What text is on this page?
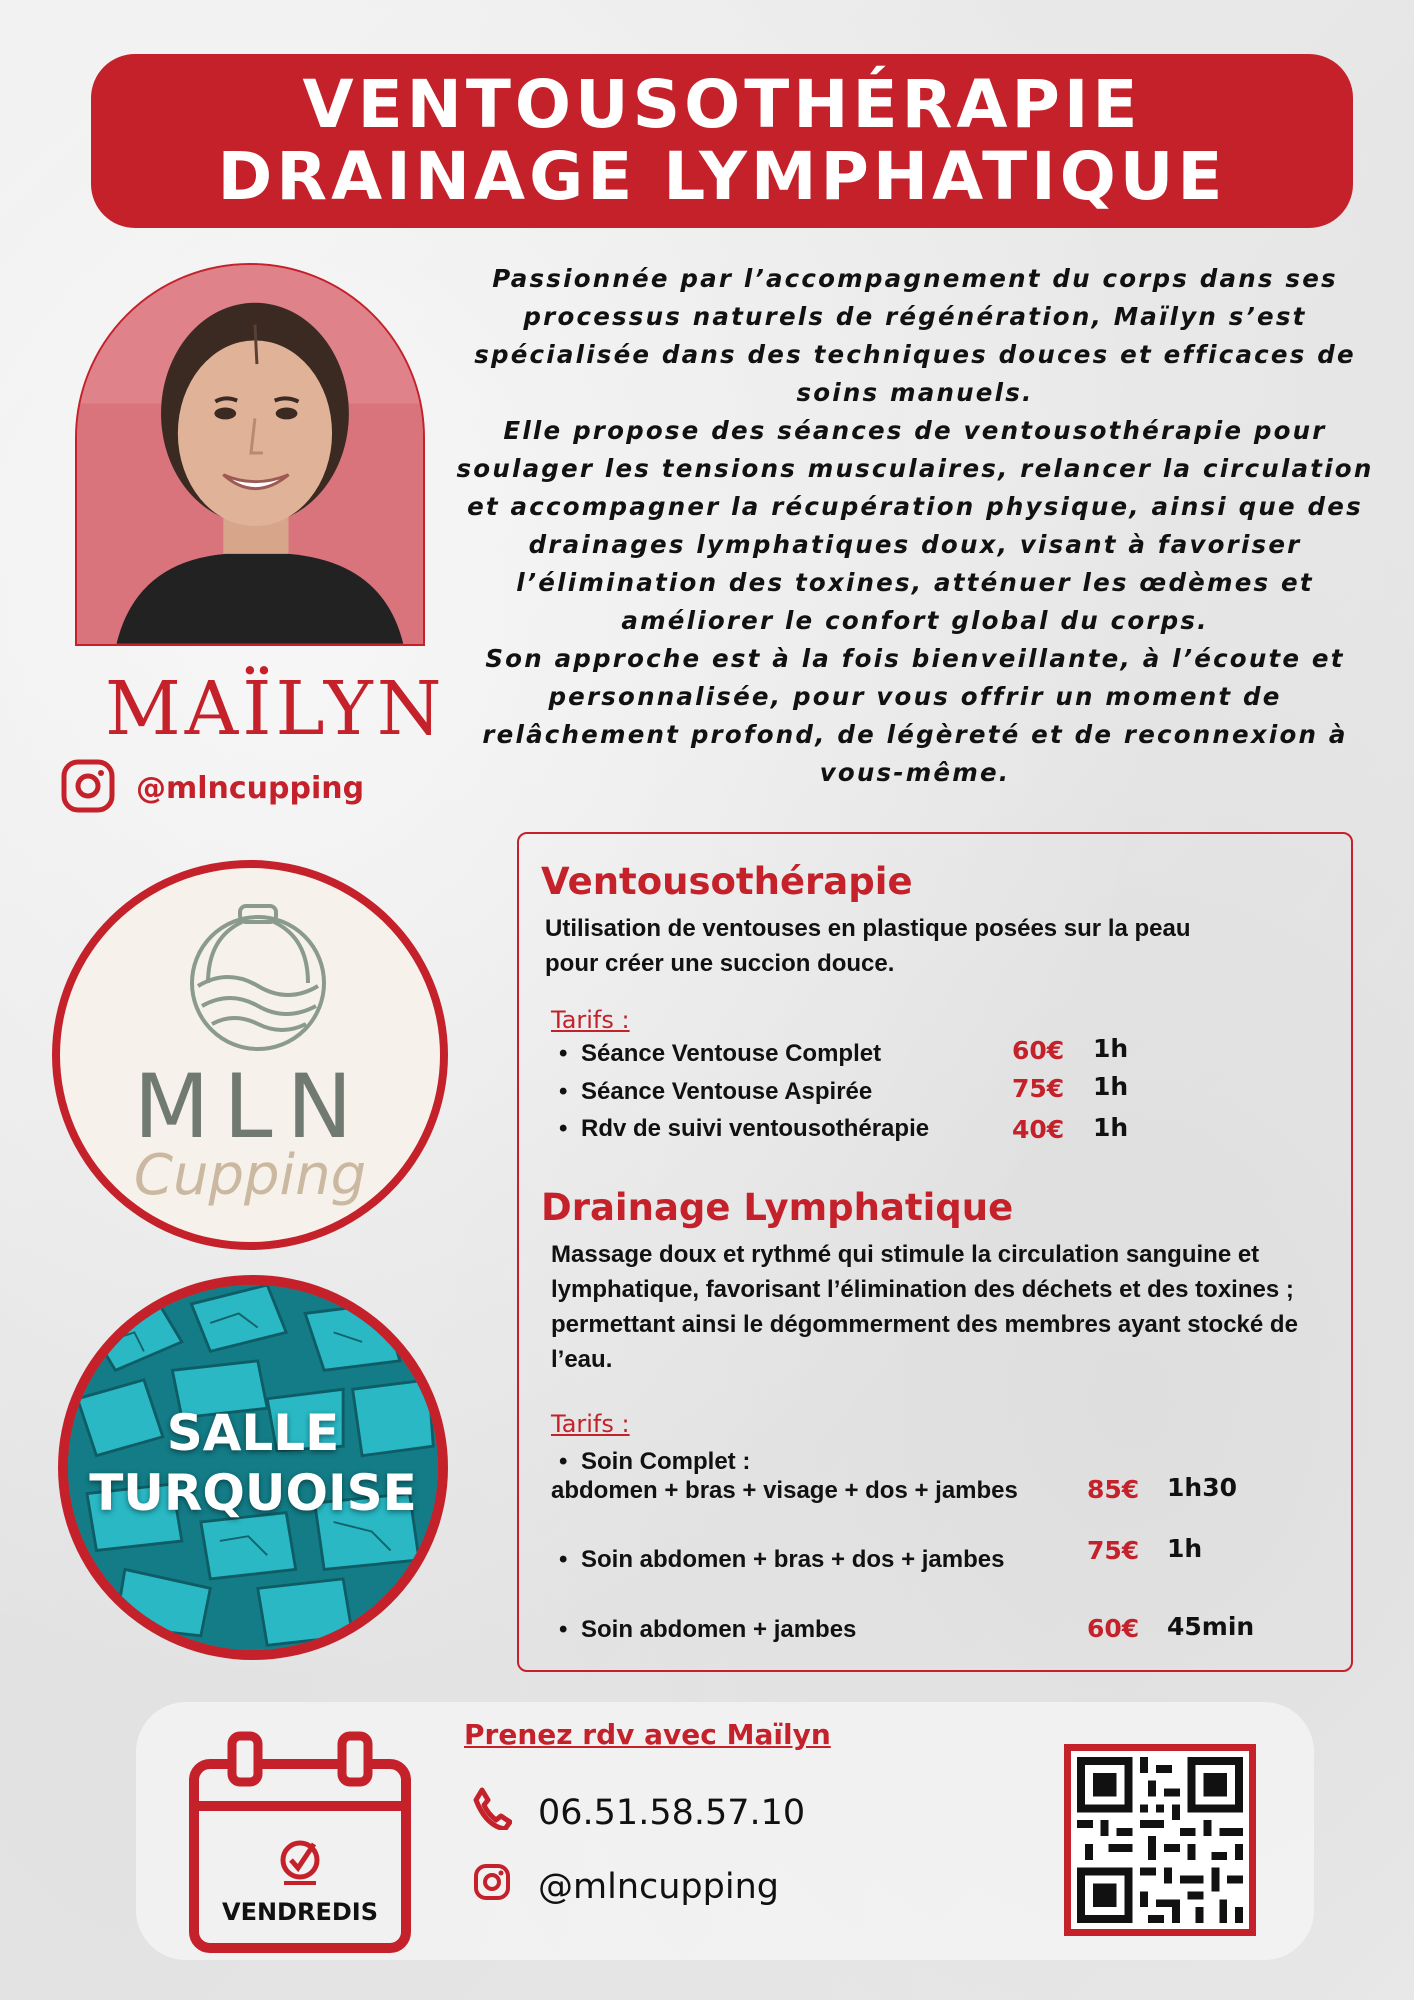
VENTOUSOTHÉRAPIE
DRAINAGE LYMPHATIQUE
MAÏLYN
@mlncupping
Passionnée par l’accompagnement du corps dans ses
processus naturels de régénération, Maïlyn s’est
spécialisée dans des techniques douces et efficaces de
soins manuels.
Elle propose des séances de ventousothérapie pour
soulager les tensions musculaires, relancer la circulation
et accompagner la récupération physique, ainsi que des
drainages lymphatiques doux, visant à favoriser
l’élimination des toxines, atténuer les œdèmes et
améliorer le confort global du corps.
Son approche est à la fois bienveillante, à l’écoute et
personnalisée, pour vous offrir un moment de
relâchement profond, de légèreté et de reconnexion à
vous-même.
MLN
Cupping
SALLE
TURQUOISE
Ventousothérapie
Utilisation de ventouses en plastique posées sur la peau
pour créer une succion douce.
Tarifs :
• Séance Ventouse Complet	60€ 1h
• Séance Ventouse Aspirée	75€ 1h
• Rdv de suivi ventousothérapie	40€ 1h
Drainage Lymphatique
Massage doux et rythmé qui stimule la circulation sanguine et
lymphatique, favorisant l’élimination des déchets et des toxines ;
permettant ainsi le dégommerment des membres ayant stocké de
l’eau.
Tarifs :
• Soin Complet :
abdomen + bras + visage + dos + jambes	85€ 1h30
• Soin abdomen + bras + dos + jambes	75€ 1h
• Soin abdomen + jambes	60€ 45min
VENDREDIS
Prenez rdv avec Maïlyn
06.51.58.57.10
@mlncupping
